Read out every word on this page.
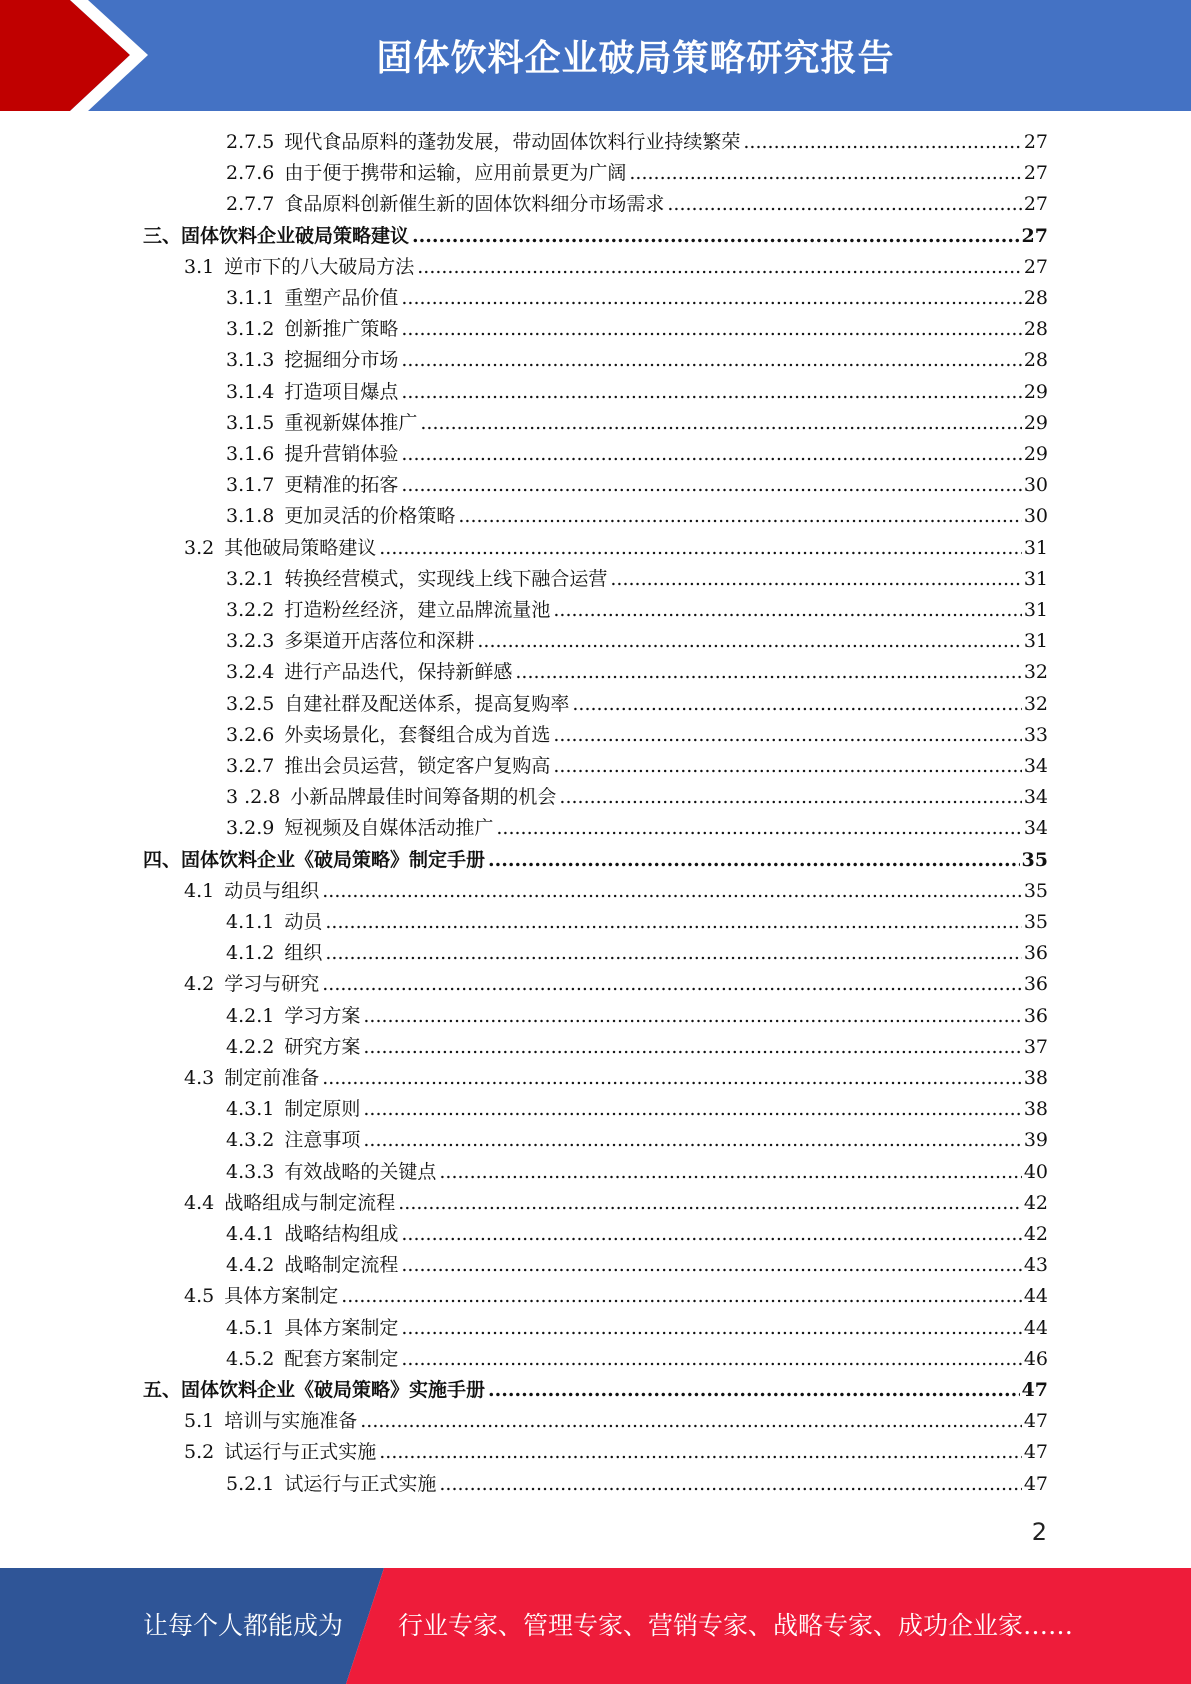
固体饮料企业破局策略研究报告
2.7.5 现代食品原料的蓬勃发展，带动固体饮料行业持续繁荣 .....	27
2.7.6 由于便于携带和运输，应用前景更为广阔 .....	27
2.7.7 食品原料创新催生新的固体饮料细分市场需求 .....	27
三、 固体饮料企业破局策略建议 .....	27
3.1 逆市下的八大破局方法 .....	27
3.1.1 重塑产品价值 .....	28
3.1.2 创新推广策略 .....	28
3.1.3 挖掘细分市场 .....	28
3.1.4 打造项目爆点 .....	29
3.1.5 重视新媒体推广 .....	29
3.1.6 提升营销体验 .....	29
3.1.7 更精准的拓客 .....	30
3.1.8 更加灵活的价格策略 .....	30
3.2 其他破局策略建议 .....	31
3.2.1 转换经营模式，实现线上线下融合运营 .....	31
3.2.2 打造粉丝经济，建立品牌流量池 .....	31
3.2.3 多渠道开店落位和深耕 .....	31
3.2.4 进行产品迭代，保持新鲜感 .....	32
3.2.5 自建社群及配送体系，提高复购率 .....	32
3.2.6 外卖场景化，套餐组合成为首选 .....	33
3.2.7 推出会员运营，锁定客户复购高 .....	34
3 .2.8 小新品牌最佳时间筹备期的机会 .....	34
3.2.9 短视频及自媒体活动推广 .....	34
四、 固体饮料企业《破局策略》制定手册 .....	35
4.1 动员与组织 .....	35
4.1.1 动员 .....	35
4.1.2 组织 .....	36
4.2 学习与研究 .....	36
4.2.1 学习方案 .....	36
4.2.2 研究方案 .....	37
4.3 制定前准备 .....	38
4.3.1 制定原则 .....	38
4.3.2 注意事项 .....	39
4.3.3 有效战略的关键点 .....	40
4.4 战略组成与制定流程 .....	42
4.4.1 战略结构组成 .....	42
4.4.2 战略制定流程 .....	43
4.5 具体方案制定 .....	44
4.5.1 具体方案制定 .....	44
4.5.2 配套方案制定 .....	46
五、 固体饮料企业《破局策略》实施手册 .....	47
5.1 培训与实施准备 .....	47
5.2 试运行与正式实施 .....	47
5.2.1 试运行与正式实施 .....	47
2
让每个人都能成为 行业专家、管理专家、营销专家、战略专家、成功企业家……
